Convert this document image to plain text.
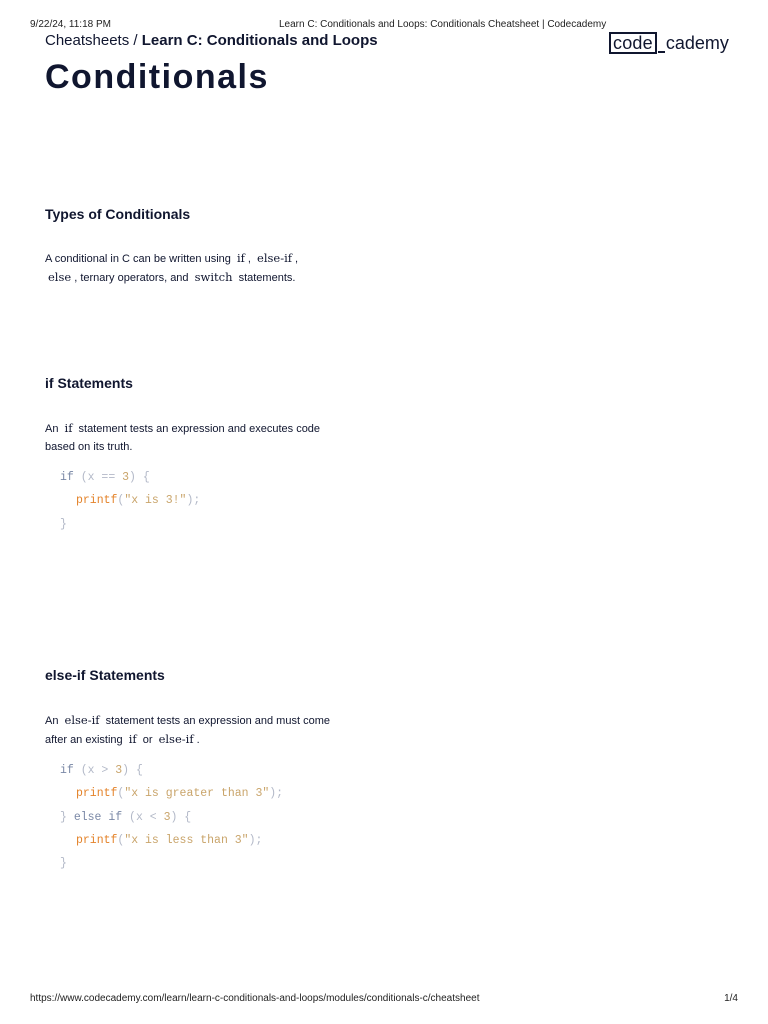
9/22/24, 11:18 PM	Learn C: Conditionals and Loops: Conditionals Cheatsheet | Codecademy
Cheatsheets / Learn C: Conditionals and Loops	code cademy
Conditionals
Types of Conditionals

A conditional in C can be written using if , else-if ,
else , ternary operators, and switch statements.

if Statements

An if statement tests an expression and executes code based on its truth.

if (x == 3) {
printf("x is 3!");
}
else-if Statements

An else-if statement tests an expression and must come after an existing if or else-if .

if (x > 3) {
printf("x is greater than 3");
} else if (x < 3) {
printf("x is less than 3");
}
https://www.codecademy.com/learn/learn-c-conditionals-and-loops/modules/conditionals-c/cheatsheet	1/4
